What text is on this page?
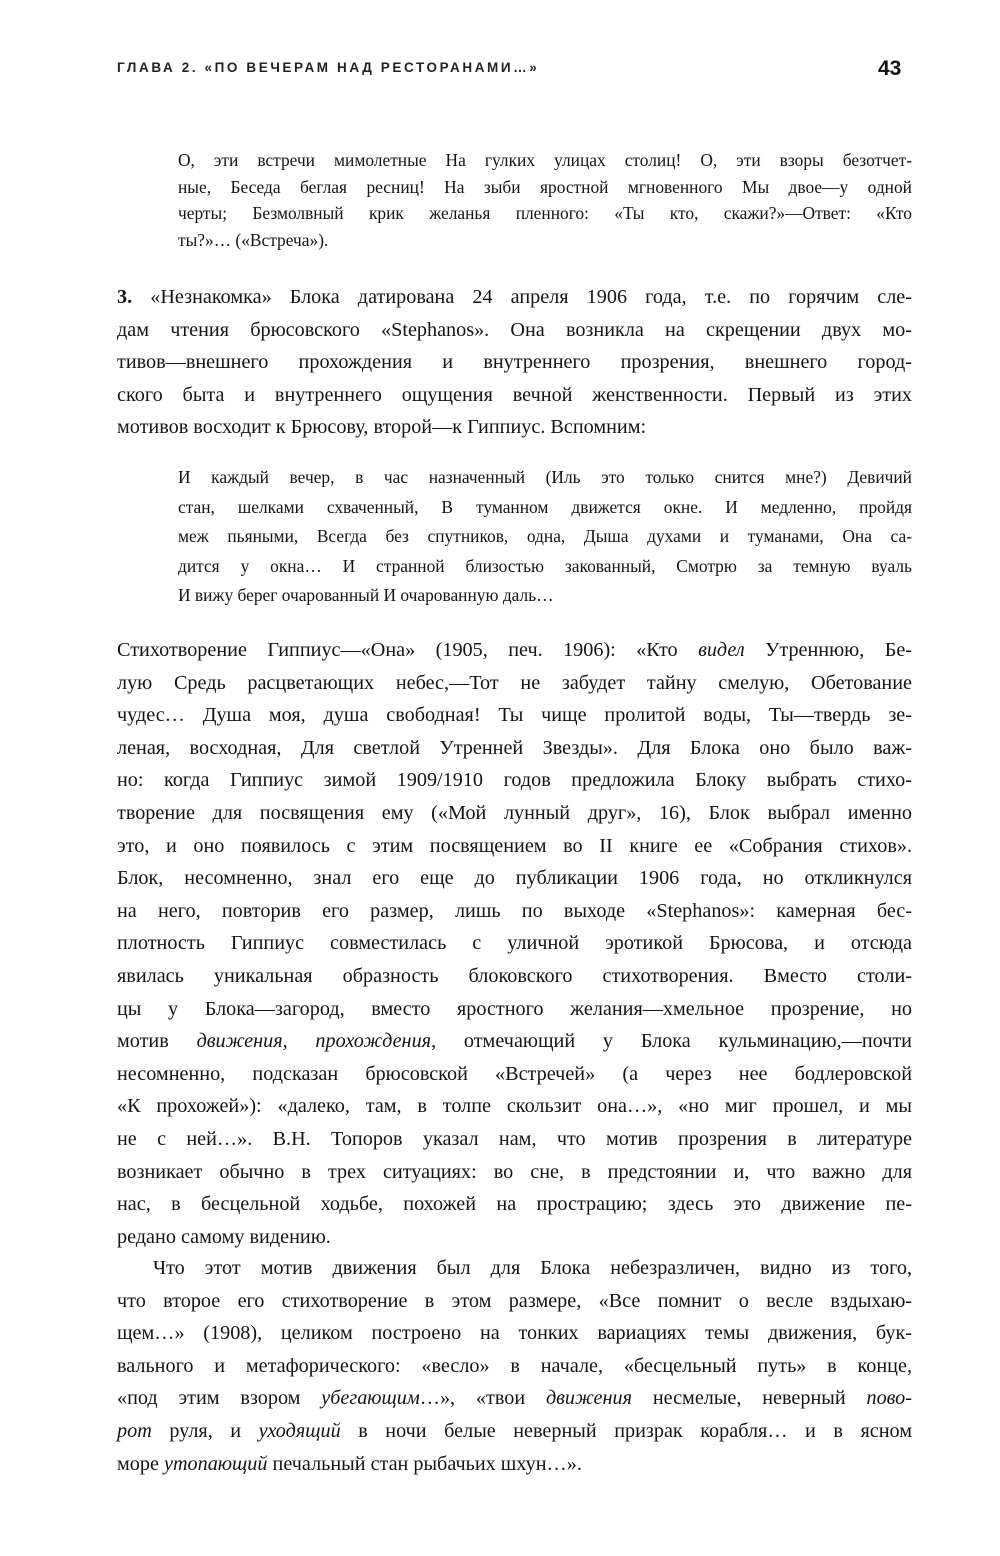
ГЛАВА 2. «ПО ВЕЧЕРАМ НАД РЕСТОРАНАМИ…»	43
О, эти встречи мимолетные На гулких улицах столиц! О, эти взоры безотчет-
ные, Беседа беглая ресниц! На зыби яростной мгновенного Мы двое—у одной
черты; Безмолвный крик желанья пленного: «Ты кто, скажи?»—Ответ: «Кто
ты?»… («Встреча»).
3. «Незнакомка» Блока датирована 24 апреля 1906 года, т.е. по горячим сле-
дам чтения брюсовского «Stephanos». Она возникла на скрещении двух мо-
тивов—внешнего прохождения и внутреннего прозрения, внешнего город-
ского быта и внутреннего ощущения вечной женственности. Первый из этих
мотивов восходит к Брюсову, второй—к Гиппиус. Вспомним:
И каждый вечер, в час назначенный (Иль это только снится мне?) Девичий
стан, шелками схваченный, В туманном движется окне. И медленно, пройдя
меж пьяными, Всегда без спутников, одна, Дыша духами и туманами, Она са-
дится у окна… И странной близостью закованный, Смотрю за темную вуаль
И вижу берег очарованный И очарованную даль…
Стихотворение Гиппиус—«Она» (1905, печ. 1906): «Кто видел Утреннюю, Бе-
лую Средь расцветающих небес,—Тот не забудет тайну смелую, Обетование
чудес… Душа моя, душа свободная! Ты чище пролитой воды, Ты—твердь зе-
леная, восходная, Для светлой Утренней Звезды». Для Блока оно было важ-
но: когда Гиппиус зимой 1909/1910 годов предложила Блоку выбрать стихо-
творение для посвящения ему («Мой лунный друг», 16), Блок выбрал именно
это, и оно появилось с этим посвящением во II книге ее «Собрания стихов».
Блок, несомненно, знал его еще до публикации 1906 года, но откликнулся
на него, повторив его размер, лишь по выходе «Stephanos»: камерная бес-
плотность Гиппиус совместилась с уличной эротикой Брюсова, и отсюда
явилась уникальная образность блоковского стихотворения. Вместо столи-
цы у Блока—загород, вместо яростного желания—хмельное прозрение, но
мотив движения, прохождения, отмечающий у Блока кульминацию,—почти
несомненно, подсказан брюсовской «Встречей» (а через нее бодлеровской
«К прохожей»): «далеко, там, в толпе скользит она…», «но миг прошел, и мы
не с ней…». В.Н. Топоров указал нам, что мотив прозрения в литературе
возникает обычно в трех ситуациях: во сне, в предстоянии и, что важно для
нас, в бесцельной ходьбе, похожей на прострацию; здесь это движение пе-
редано самому видению.
Что этот мотив движения был для Блока небезразличен, видно из того,
что второе его стихотворение в этом размере, «Все помнит о весле вздыхаю-
щем…» (1908), целиком построено на тонких вариациях темы движения, бук-
вального и метафорического: «весло» в начале, «бесцельный путь» в конце,
«под этим взором убегающим…», «твои движения несмелые, неверный пово-
рот руля, и уходящий в ночи белые неверный призрак корабля… и в ясном
море утопающий печальный стан рыбачьих шхун…».
